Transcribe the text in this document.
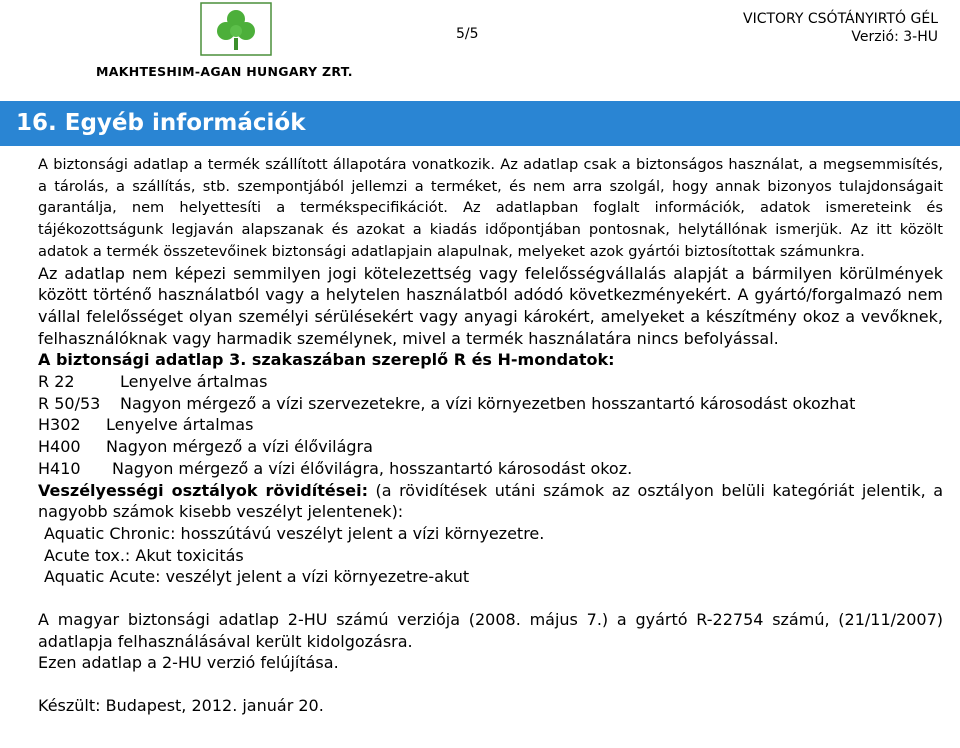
5/5
VICTORY CSÓTÁNYIRTÓ GÉL
Verzió: 3-HU
MAKHTESHIM-AGAN HUNGARY ZRT.
16. Egyéb információk

A biztonsági adatlap a termék szállított állapotára vonatkozik. Az adatlap csak a biztonságos használat, a megsemmisítés, a tárolás, a szállítás, stb. szempontjából jellemzi a terméket, és nem arra szolgál, hogy annak bizonyos tulajdonságait garantálja, nem helyettesíti a termékspecifikációt. Az adatlapban foglalt információk, adatok ismereteink és tájékozottságunk legjaván alapszanak és azokat a kiadás időpontjában pontosnak, helytállónak ismerjük. Az itt közölt adatok a termék összetevőinek biztonsági adatlapjain alapulnak, melyeket azok gyártói biztosítottak számunkra.

Az adatlap nem képezi semmilyen jogi kötelezettség vagy felelősségvállalás alapját a bármilyen körülmények között történő használatból vagy a helytelen használatból adódó következményekért. A gyártó/forgalmazó nem vállal felelősséget olyan személyi sérülésekért vagy anyagi károkért, amelyeket a készítmény okoz a vevőknek, felhasználóknak vagy harmadik személynek, mivel a termék használatára nincs befolyással.

A biztonsági adatlap 3. szakaszában szereplő R és H-mondatok:
R 22	Lenyelve ártalmas
R 50/53	Nagyon mérgező a vízi szervezetekre, a vízi környezetben hosszantartó károsodást okozhat
H302	Lenyelve ártalmas
H400	Nagyon mérgező a vízi élővilágra
H410	Nagyon mérgező a vízi élővilágra, hosszantartó károsodást okoz.

Veszélyességi osztályok rövidítései: (a rövidítések utáni számok az osztályon belüli kategóriát jelentik, a nagyobb számok kisebb veszélyt jelentenek):

Aquatic Chronic: hosszútávú veszélyt jelent a vízi környezetre.
Acute tox.: Akut toxicitás
Aquatic Acute: veszélyt jelent a vízi környezetre-akut

A magyar biztonsági adatlap 2-HU számú verziója (2008. május 7.) a gyártó R-22754 számú, (21/11/2007) adatlapja felhasználásával került kidolgozásra.

Ezen adatlap a 2-HU verzió felújítása.
Készült: Budapest, 2012. január 20.
